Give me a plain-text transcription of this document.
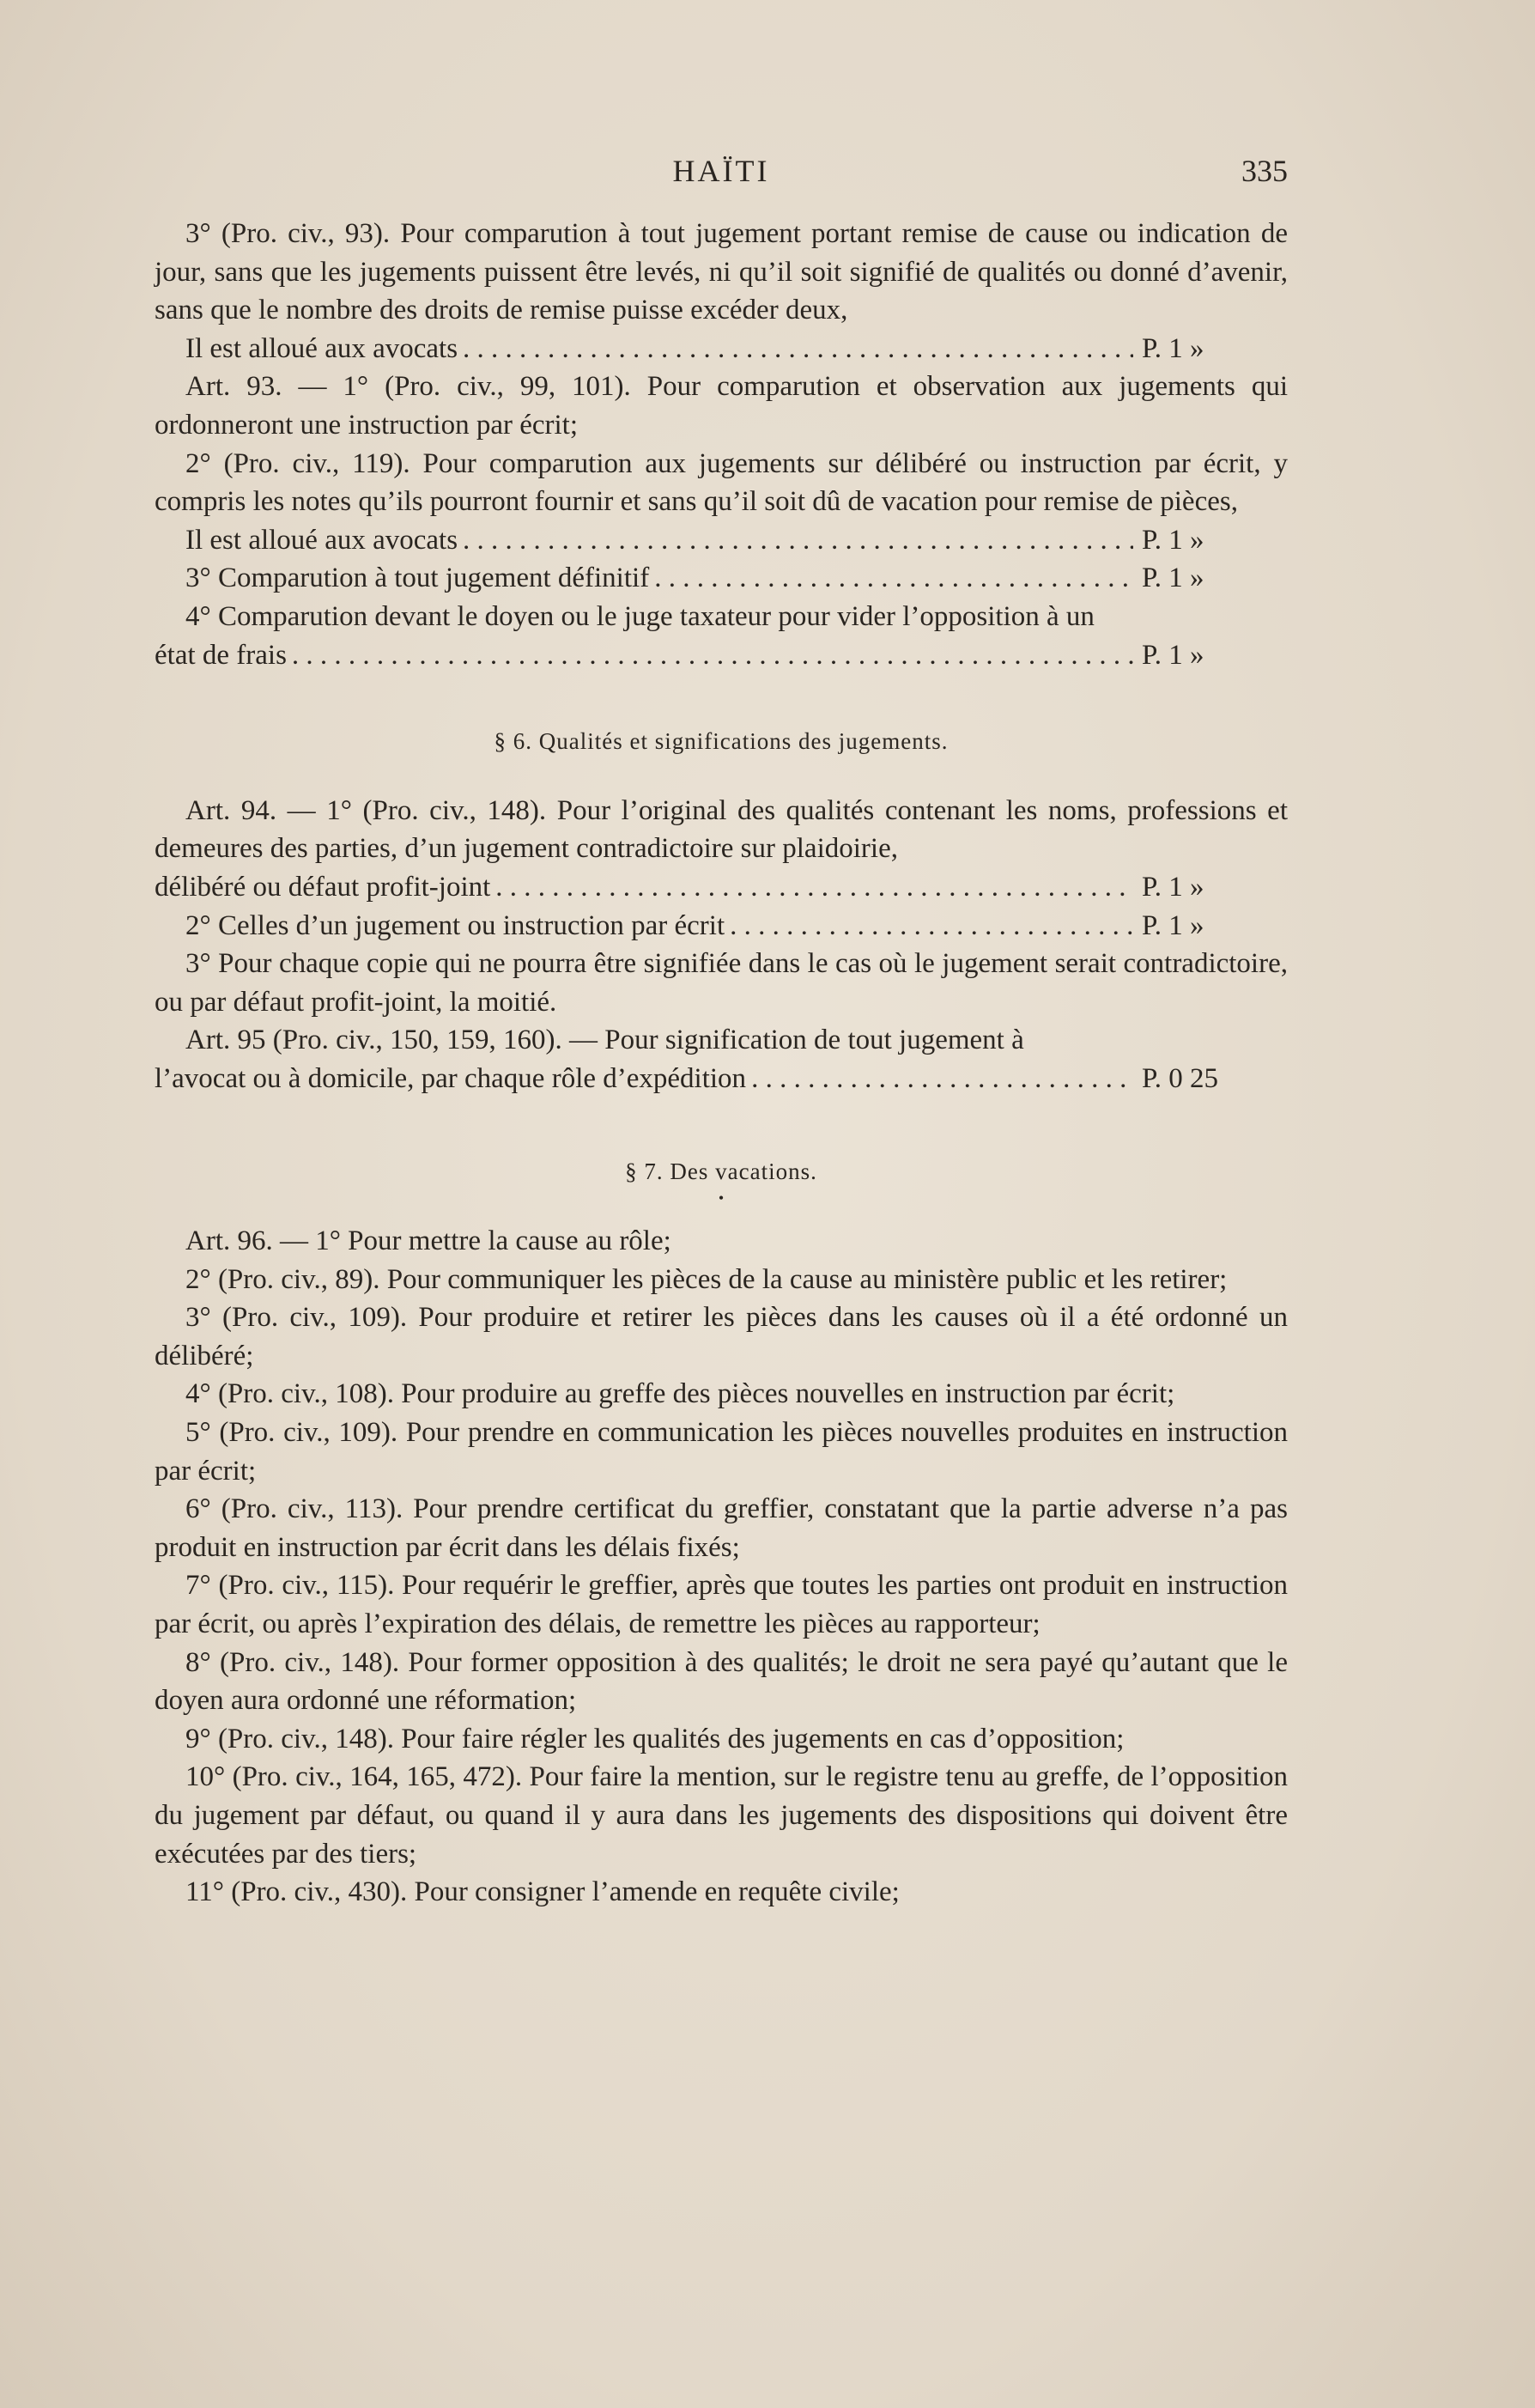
HAÏTI	335

3° (Pro. civ., 93). Pour comparution à tout jugement portant remise de cause ou indication de jour, sans que les jugements puissent être levés, ni qu’il soit signifié de qualités ou donné d’avenir, sans que le nombre des droits de remise puisse excéder deux,

Il est alloué aux avocats . . .	P. 1 »

Art. 93. — 1° (Pro. civ., 99, 101). Pour comparution et observation aux jugements qui ordonneront une instruction par écrit;

2° (Pro. civ., 119). Pour comparution aux jugements sur délibéré ou instruction par écrit, y compris les notes qu’ils pourront fournir et sans qu’il soit dû de vacation pour remise de pièces,

Il est alloué aux avocats . . .	P. 1 »
3° Comparution à tout jugement définitif . . .	P. 1 »

4° Comparution devant le doyen ou le juge taxateur pour vider l’opposition à un

état de frais . . .	P. 1 »
§ 6. Qualités et significations des jugements.

Art. 94. — 1° (Pro. civ., 148). Pour l’original des qualités contenant les noms, professions et demeures des parties, d’un jugement contradictoire sur plaidoirie,

délibéré ou défaut profit-joint . . .	P. 1 »
2° Celles d’un jugement ou instruction par écrit . . .	P. 1 »

3° Pour chaque copie qui ne pourra être signifiée dans le cas où le jugement serait contradictoire, ou par défaut profit-joint, la moitié.

Art. 95 (Pro. civ., 150, 159, 160). — Pour signification de tout jugement à

l’avocat ou à domicile, par chaque rôle d’expédition . . .	P. 0 25
§ 7. Des vacations.
•

Art. 96. — 1° Pour mettre la cause au rôle;

2° (Pro. civ., 89). Pour communiquer les pièces de la cause au ministère public et les retirer;

3° (Pro. civ., 109). Pour produire et retirer les pièces dans les causes où il a été ordonné un délibéré;

4° (Pro. civ., 108). Pour produire au greffe des pièces nouvelles en instruction par écrit;

5° (Pro. civ., 109). Pour prendre en communication les pièces nouvelles produites en instruction par écrit;

6° (Pro. civ., 113). Pour prendre certificat du greffier, constatant que la partie adverse n’a pas produit en instruction par écrit dans les délais fixés;

7° (Pro. civ., 115). Pour requérir le greffier, après que toutes les parties ont produit en instruction par écrit, ou après l’expiration des délais, de remettre les pièces au rapporteur;

8° (Pro. civ., 148). Pour former opposition à des qualités; le droit ne sera payé qu’autant que le doyen aura ordonné une réformation;

9° (Pro. civ., 148). Pour faire régler les qualités des jugements en cas d’opposition;

10° (Pro. civ., 164, 165, 472). Pour faire la mention, sur le registre tenu au greffe, de l’opposition du jugement par défaut, ou quand il y aura dans les jugements des dispositions qui doivent être exécutées par des tiers;

11° (Pro. civ., 430). Pour consigner l’amende en requête civile;
